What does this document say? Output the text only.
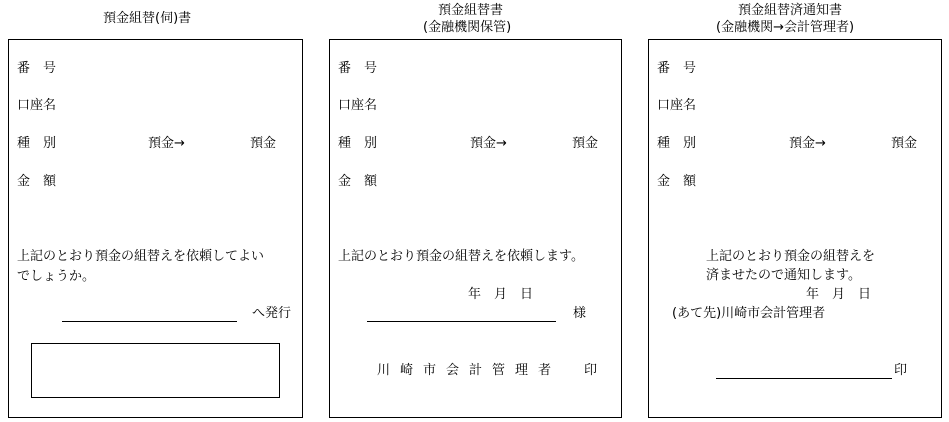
預金組替(伺)書
番　号
口座名
種　別	預金→	預金
金　額
上記のとおり預金の組替えを依頼してよい
でしょうか。
へ発行
預金組替書
(金融機関保管)
番　号
口座名
種　別	預金→	預金
金　額
上記のとおり預金の組替えを依頼します。
年　月　日
様
川崎市会計管理者　印
預金組替済通知書
(金融機関→会計管理者)
番　号
口座名
種　別	預金→	預金
金　額
上記のとおり預金の組替えを
済ませたので通知します。
年　月　日
(あて先)川崎市会計管理者
印
